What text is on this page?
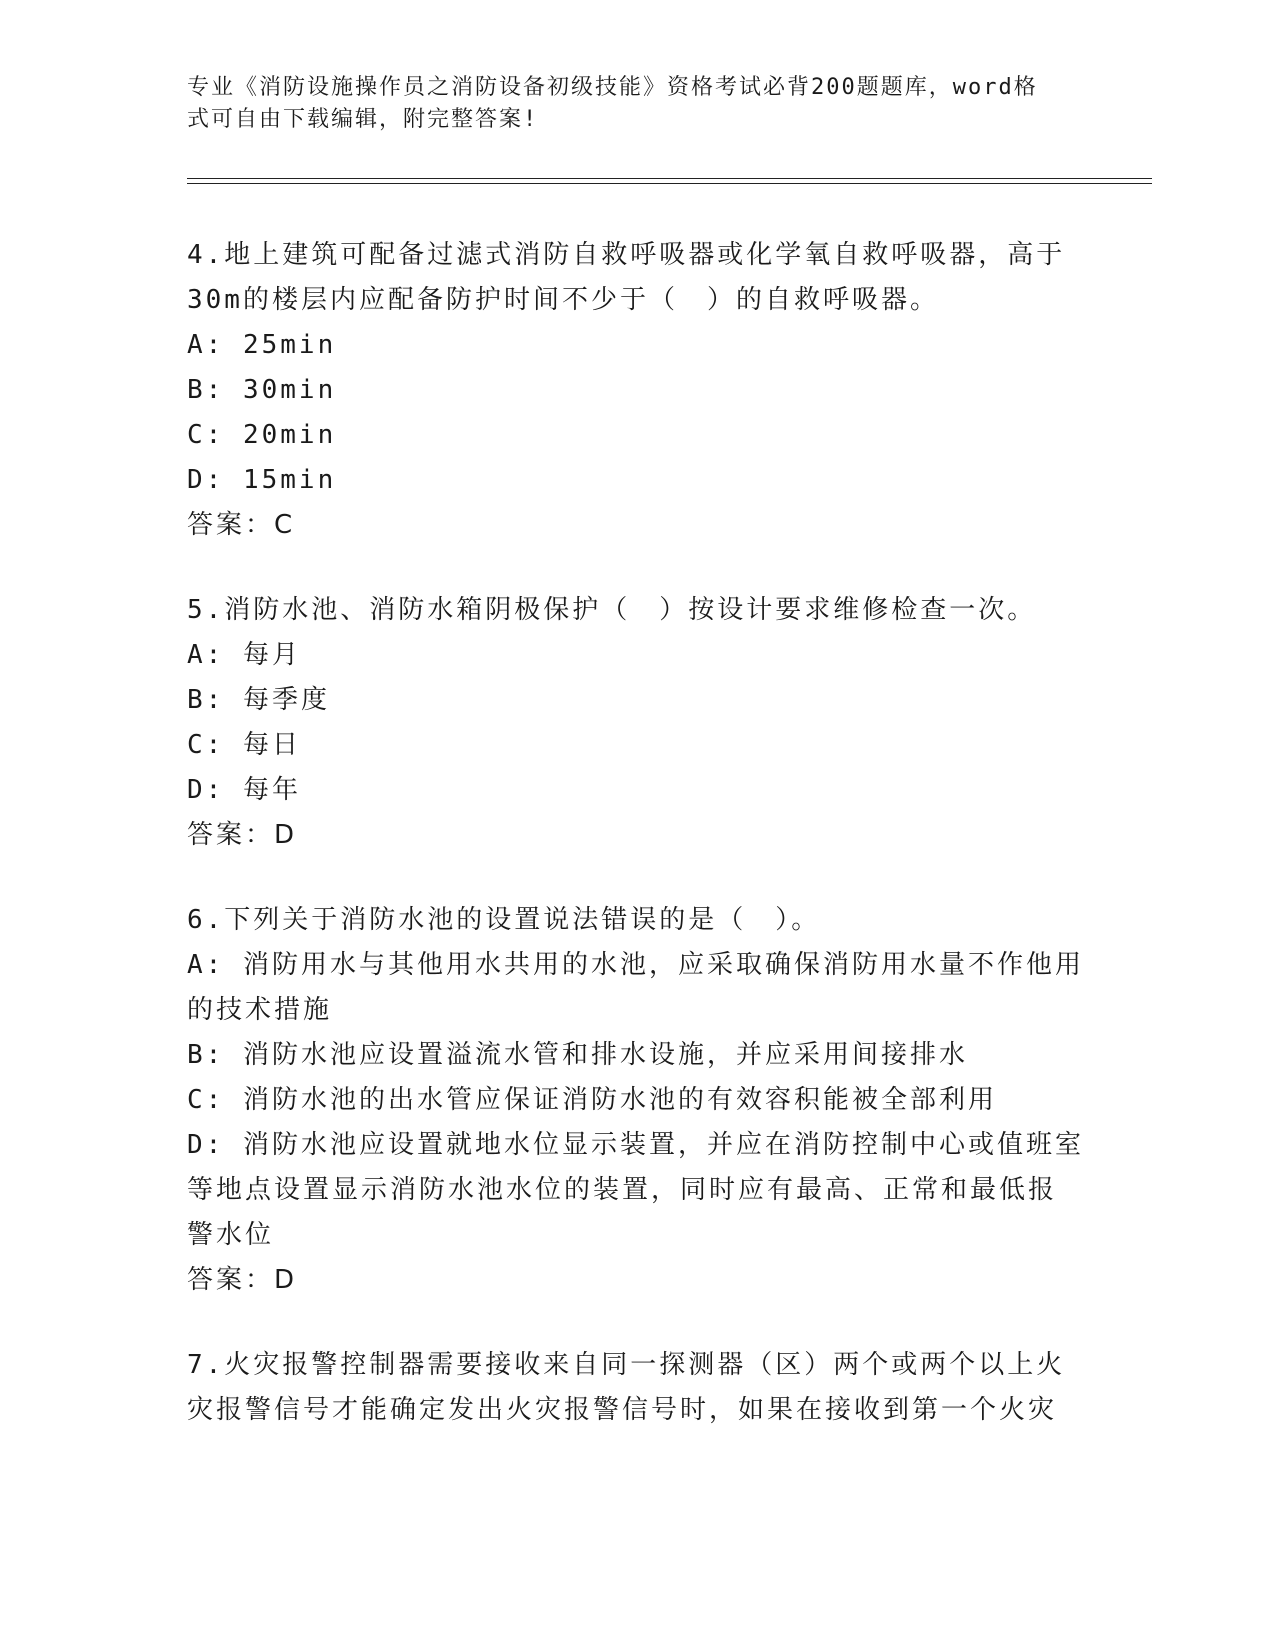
专业《消防设施操作员之消防设备初级技能》资格考试必背200题题库，word格
式可自由下载编辑，附完整答案!

4.地上建筑可配备过滤式消防自救呼吸器或化学氧自救呼吸器，高于

30m的楼层内应配备防护时间不少于（　）的自救呼吸器。

A: 25min

B: 30min

C: 20min

D: 15min

答案：C

5.消防水池、消防水箱阴极保护（　）按设计要求维修检查一次。

A: 每月

B: 每季度

C: 每日

D: 每年

答案：D

6.下列关于消防水池的设置说法错误的是（　）。

A: 消防用水与其他用水共用的水池，应采取确保消防用水量不作他用

的技术措施

B: 消防水池应设置溢流水管和排水设施，并应采用间接排水

C: 消防水池的出水管应保证消防水池的有效容积能被全部利用

D: 消防水池应设置就地水位显示装置，并应在消防控制中心或值班室

等地点设置显示消防水池水位的装置，同时应有最高、正常和最低报

警水位

答案：D

7.火灾报警控制器需要接收来自同一探测器（区）两个或两个以上火

灾报警信号才能确定发出火灾报警信号时，如果在接收到第一个火灾
